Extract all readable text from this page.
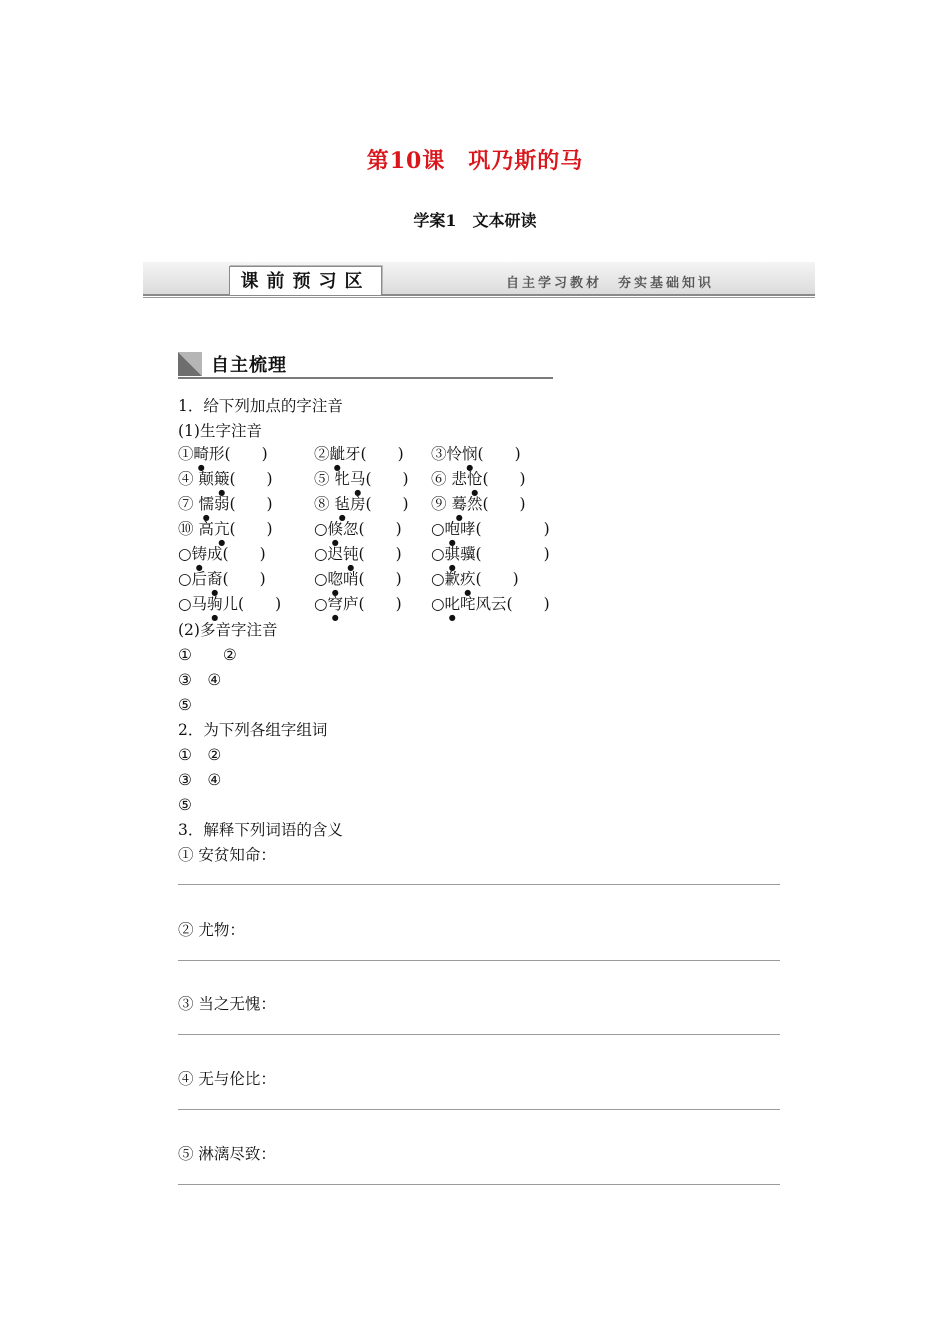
第10课　巩乃斯的马
学案1　文本研读
课前预习区	自主学习教材　夯实基础知识
自主梳理
1．给下列加点的字注音
(1)生字注音
①畸形(　　)	②龇牙(　　) ③怜悯(　　)
④ 颠簸(　　)	⑤ 牝马(　　) ⑥ 悲怆(　　)
⑦ 懦弱(　　)	⑧ 毡房(　　) ⑨ 蓦然(　　)
⑩ 高亢(　　)	○倏忽(　　) ○咆哮(　　　　)
○铸成(　　)	○迟钝(　　) ○骐骥(　　　　)
○后裔(　　)	○唿哨(　　) ○歉疚(　　)
○马驹儿(　　) ○穹庐(　　) ○叱咤风云(　　)
(2)多音字注音
①　　②
③　④
⑤
2．为下列各组字组词
①　②
③　④
⑤
3．解释下列词语的含义
① 安贫知命：
② 尤物：
③ 当之无愧：
④ 无与伦比：
⑤ 淋漓尽致：
